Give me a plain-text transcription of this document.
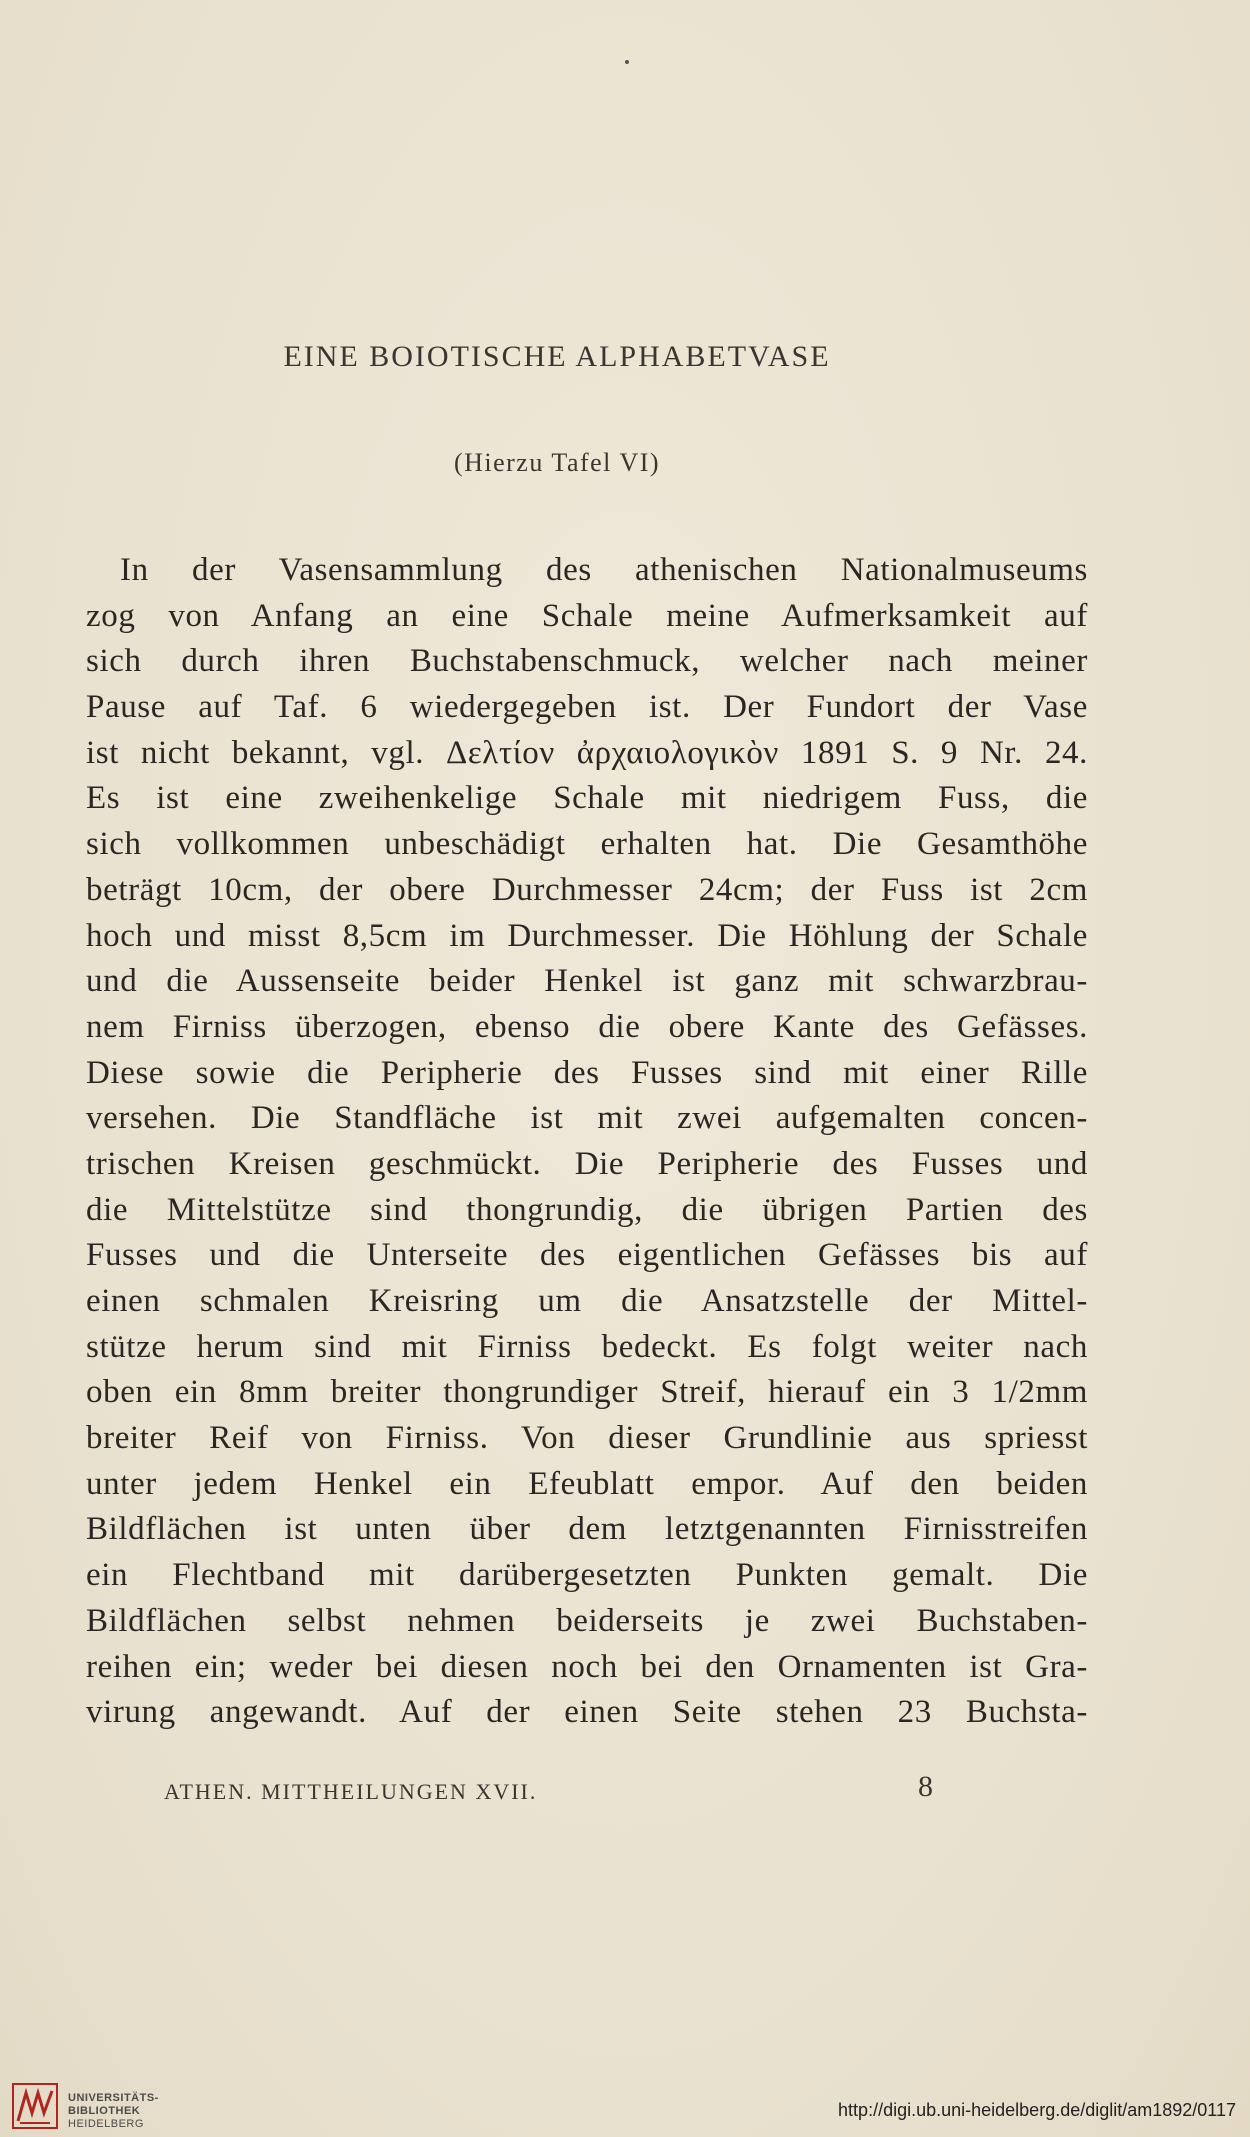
EINE BOIOTISCHE ALPHABETVASE
(Hierzu Tafel VI)
In der Vasensammlung des athenischen Nationalmuseums
zog von Anfang an eine Schale meine Aufmerksamkeit auf
sich durch ihren Buchstabenschmuck, welcher nach meiner
Pause auf Taf. 6 wiedergegeben ist. Der Fundort der Vase
ist nicht bekannt, vgl. Δελτίον ἀρχαιολογικὸν 1891 S. 9 Nr. 24.
Es ist eine zweihenkelige Schale mit niedrigem Fuss, die
sich vollkommen unbeschädigt erhalten hat. Die Gesamthöhe
beträgt 10cm, der obere Durchmesser 24cm; der Fuss ist 2cm
hoch und misst 8,5cm im Durchmesser. Die Höhlung der Schale
und die Aussenseite beider Henkel ist ganz mit schwarzbrau-
nem Firniss überzogen, ebenso die obere Kante des Gefässes.
Diese sowie die Peripherie des Fusses sind mit einer Rille
versehen. Die Standfläche ist mit zwei aufgemalten concen-
trischen Kreisen geschmückt. Die Peripherie des Fusses und
die Mittelstütze sind thongrundig, die übrigen Partien des
Fusses und die Unterseite des eigentlichen Gefässes bis auf
einen schmalen Kreisring um die Ansatzstelle der Mittel-
stütze herum sind mit Firniss bedeckt. Es folgt weiter nach
oben ein 8mm breiter thongrundiger Streif, hierauf ein 3 1/2mm
breiter Reif von Firniss. Von dieser Grundlinie aus spriesst
unter jedem Henkel ein Efeublatt empor. Auf den beiden
Bildflächen ist unten über dem letztgenannten Firnisstreifen
ein Flechtband mit darübergesetzten Punkten gemalt. Die
Bildflächen selbst nehmen beiderseits je zwei Buchstaben-
reihen ein; weder bei diesen noch bei den Ornamenten ist Gra-
virung angewandt. Auf der einen Seite stehen 23 Buchsta-
ATHEN. MITTHEILUNGEN XVII.	8
UNIVERSITÄTS-
BIBLIOTHEK
HEIDELBERG
http://digi.ub.uni-heidelberg.de/diglit/am1892/0117
